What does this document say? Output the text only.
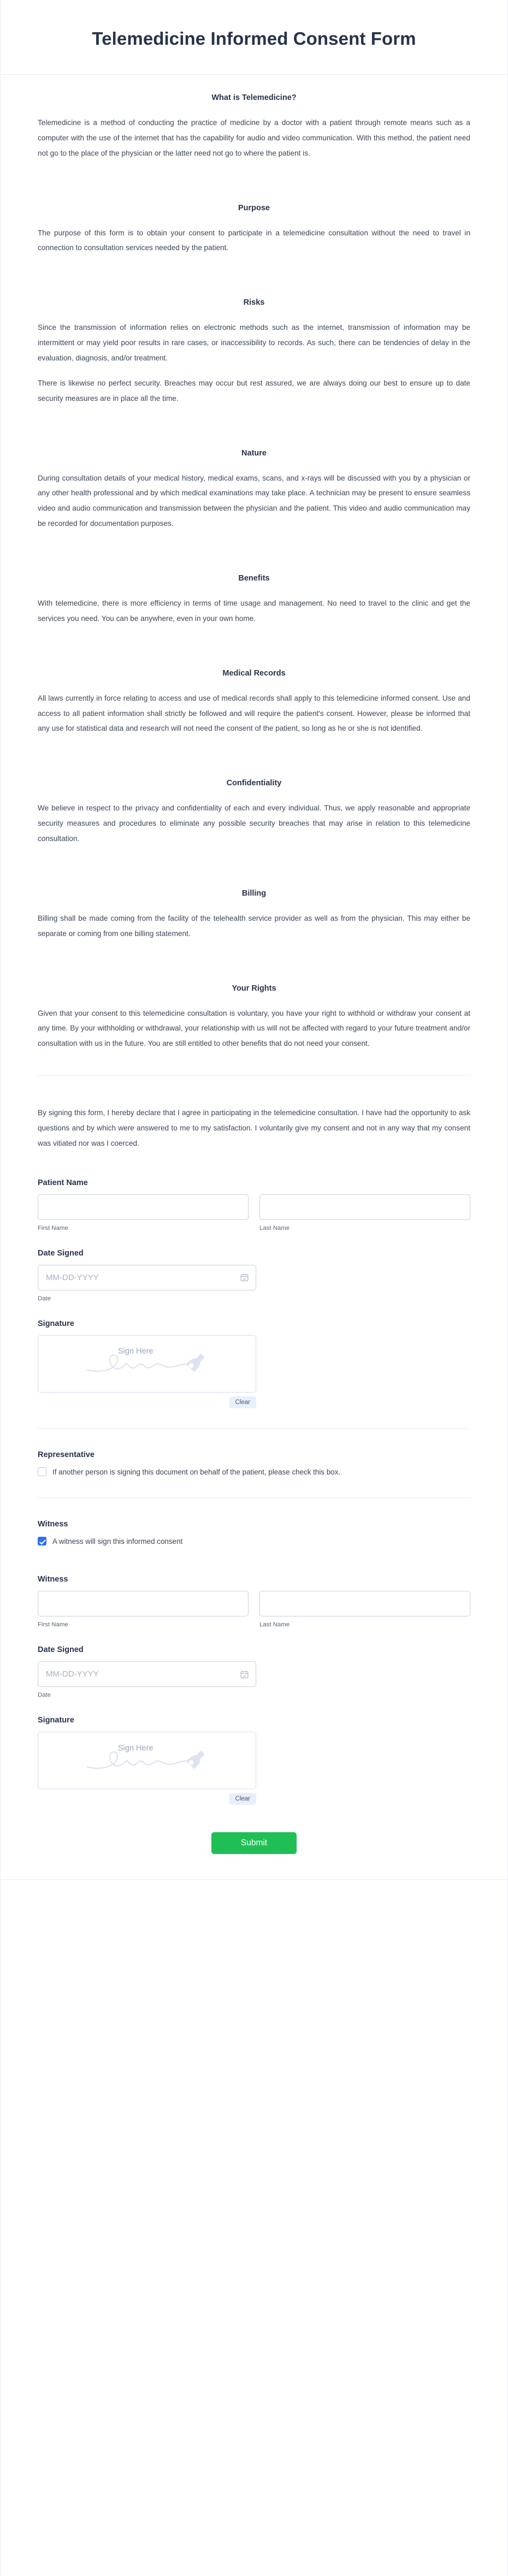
Telemedicine Informed Consent Form
What is Telemedicine?

Telemedicine is a method of conducting the practice of medicine by a doctor with a patient through remote means such as a computer with the use of the internet that has the capability for audio and video communication. With this method, the patient need not go to the place of the physician or the latter need not go to where the patient is.

Purpose

The purpose of this form is to obtain your consent to participate in a telemedicine consultation without the need to travel in connection to consultation services needed by the patient.

Risks

Since the transmission of information relies on electronic methods such as the internet, transmission of information may be intermittent or may yield poor results in rare cases, or inaccessibility to records. As such, there can be tendencies of delay in the evaluation, diagnosis, and/or treatment.

There is likewise no perfect security. Breaches may occur but rest assured, we are always doing our best to ensure up to date security measures are in place all the time.

Nature

During consultation details of your medical history, medical exams, scans, and x-rays will be discussed with you by a physician or any other health professional and by which medical examinations may take place. A technician may be present to ensure seamless video and audio communication and transmission between the physician and the patient. This video and audio communication may be recorded for documentation purposes.

Benefits

With telemedicine, there is more efficiency in terms of time usage and management. No need to travel to the clinic and get the services you need. You can be anywhere, even in your own home.

Medical Records

All laws currently in force relating to access and use of medical records shall apply to this telemedicine informed consent. Use and access to all patient information shall strictly be followed and will require the patient's consent. However, please be informed that any use for statistical data and research will not need the consent of the patient, so long as he or she is not identified.

Confidentiality

We believe in respect to the privacy and confidentiality of each and every individual. Thus, we apply reasonable and appropriate security measures and procedures to eliminate any possible security breaches that may arise in relation to this telemedicine consultation.

Billing

Billing shall be made coming from the facility of the telehealth service provider as well as from the physician. This may either be separate or coming from one billing statement.

Your Rights

Given that your consent to this telemedicine consultation is voluntary, you have your right to withhold or withdraw your consent at any time. By your withholding or withdrawal, your relationship with us will not be affected with regard to your future treatment and/or consultation with us in the future. You are still entitled to other benefits that do not need your consent.

By signing this form, I hereby declare that I agree in participating in the telemedicine consultation. I have had the opportunity to ask questions and by which were answered to me to my satisfaction. I voluntarily give my consent and not in any way that my consent was vitiated nor was I coerced.

Patient Name
First Name	Last Name
Date Signed
MM-DD-YYYY
Date
Signature
Sign Here
Clear
Representative
If another person is signing this document on behalf of the patient, please check this box.
Witness
A witness will sign this informed consent
Witness
First Name	Last Name
Date Signed
MM-DD-YYYY
Date
Signature
Sign Here
Clear
Submit
